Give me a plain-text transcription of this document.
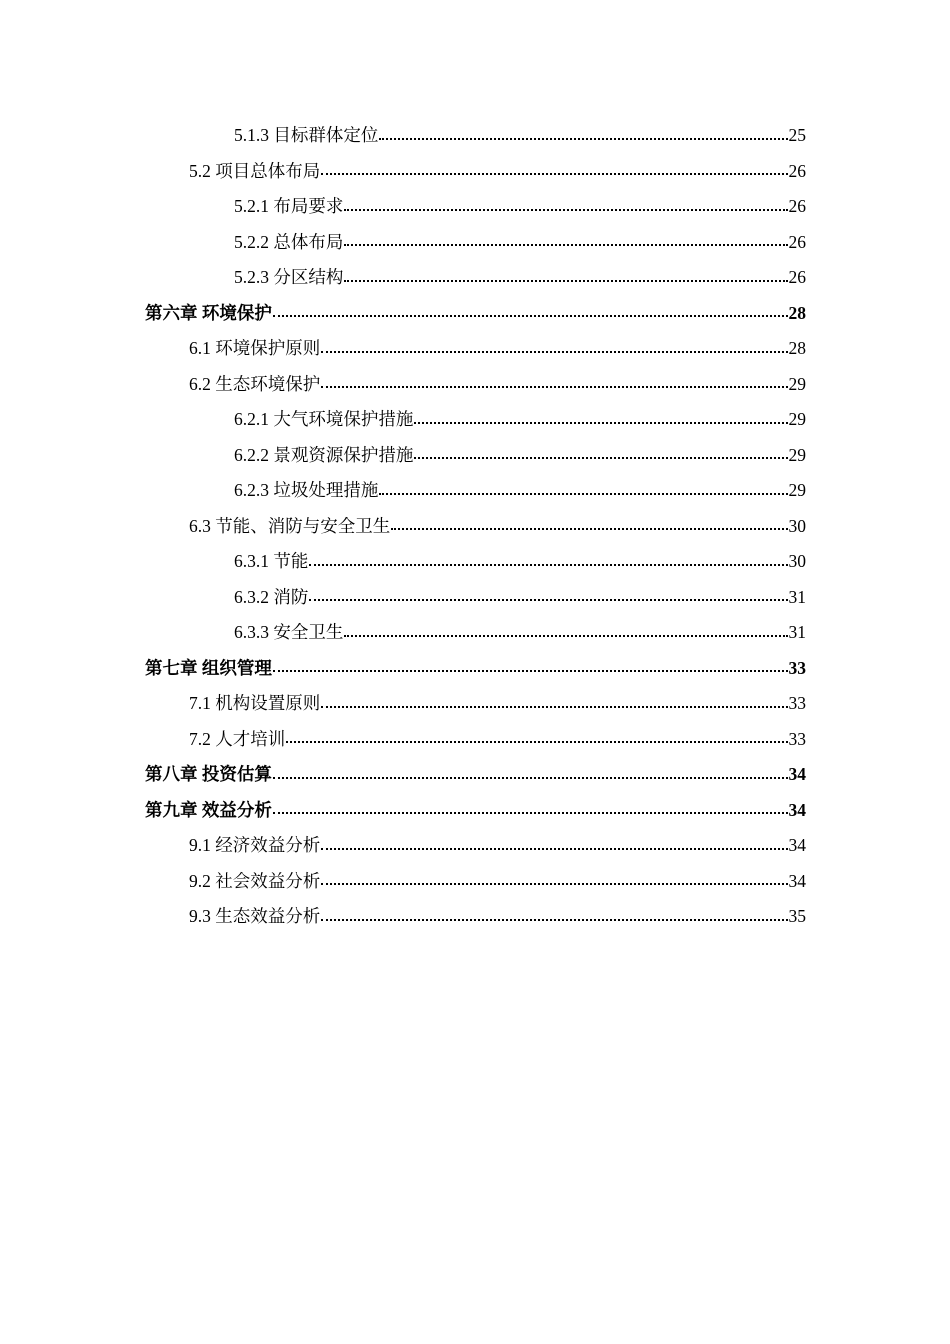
5.1.3 目标群体定位	25
5.2 项目总体布局	26
5.2.1 布局要求	26
5.2.2 总体布局	26
5.2.3 分区结构	26
第六章 环境保护	28
6.1 环境保护原则	28
6.2 生态环境保护	29
6.2.1 大气环境保护措施	29
6.2.2 景观资源保护措施	29
6.2.3 垃圾处理措施	29
6.3 节能、消防与安全卫生	30
6.3.1 节能	30
6.3.2 消防	31
6.3.3 安全卫生	31
第七章 组织管理	33
7.1 机构设置原则	33
7.2 人才培训	33
第八章 投资估算	34
第九章 效益分析	34
9.1 经济效益分析	34
9.2 社会效益分析	34
9.3 生态效益分析	35
